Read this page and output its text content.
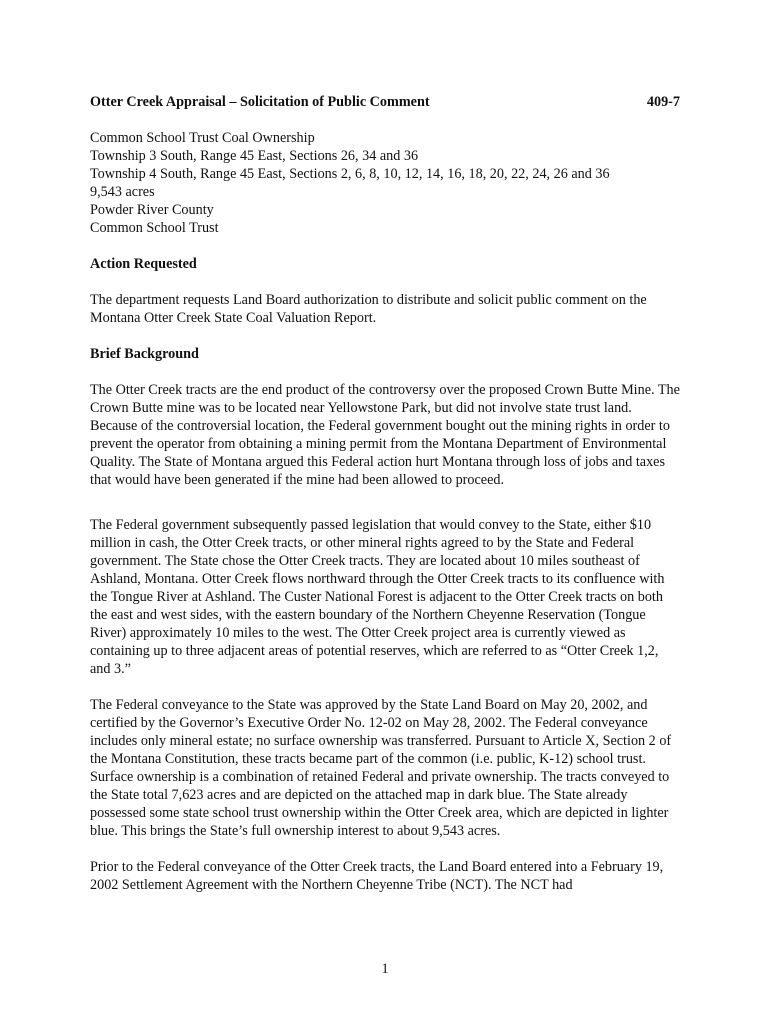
Otter Creek Appraisal – Solicitation of Public Comment	409-7
Common School Trust Coal Ownership
Township 3 South, Range 45 East, Sections 26, 34 and 36
Township 4 South, Range 45 East, Sections 2, 6, 8, 10, 12, 14, 16, 18, 20, 22, 24, 26 and 36
9,543 acres
Powder River County
Common School Trust
Action Requested

The department requests Land Board authorization to distribute and solicit public comment on the Montana Otter Creek State Coal Valuation Report.

Brief Background

The Otter Creek tracts are the end product of the controversy over the proposed Crown Butte Mine. The Crown Butte mine was to be located near Yellowstone Park, but did not involve state trust land. Because of the controversial location, the Federal government bought out the mining rights in order to prevent the operator from obtaining a mining permit from the Montana Department of Environmental Quality. The State of Montana argued this Federal action hurt Montana through loss of jobs and taxes that would have been generated if the mine had been allowed to proceed.

The Federal government subsequently passed legislation that would convey to the State, either $10 million in cash, the Otter Creek tracts, or other mineral rights agreed to by the State and Federal government. The State chose the Otter Creek tracts. They are located about 10 miles southeast of Ashland, Montana. Otter Creek flows northward through the Otter Creek tracts to its confluence with the Tongue River at Ashland. The Custer National Forest is adjacent to the Otter Creek tracts on both the east and west sides, with the eastern boundary of the Northern Cheyenne Reservation (Tongue River) approximately 10 miles to the west. The Otter Creek project area is currently viewed as containing up to three adjacent areas of potential reserves, which are referred to as “Otter Creek 1,2, and 3.”

The Federal conveyance to the State was approved by the State Land Board on May 20, 2002, and certified by the Governor’s Executive Order No. 12-02 on May 28, 2002. The Federal conveyance includes only mineral estate; no surface ownership was transferred. Pursuant to Article X, Section 2 of the Montana Constitution, these tracts became part of the common (i.e. public, K-12) school trust. Surface ownership is a combination of retained Federal and private ownership. The tracts conveyed to the State total 7,623 acres and are depicted on the attached map in dark blue. The State already possessed some state school trust ownership within the Otter Creek area, which are depicted in lighter blue. This brings the State’s full ownership interest to about 9,543 acres.

Prior to the Federal conveyance of the Otter Creek tracts, the Land Board entered into a February 19, 2002 Settlement Agreement with the Northern Cheyenne Tribe (NCT). The NCT had

1
